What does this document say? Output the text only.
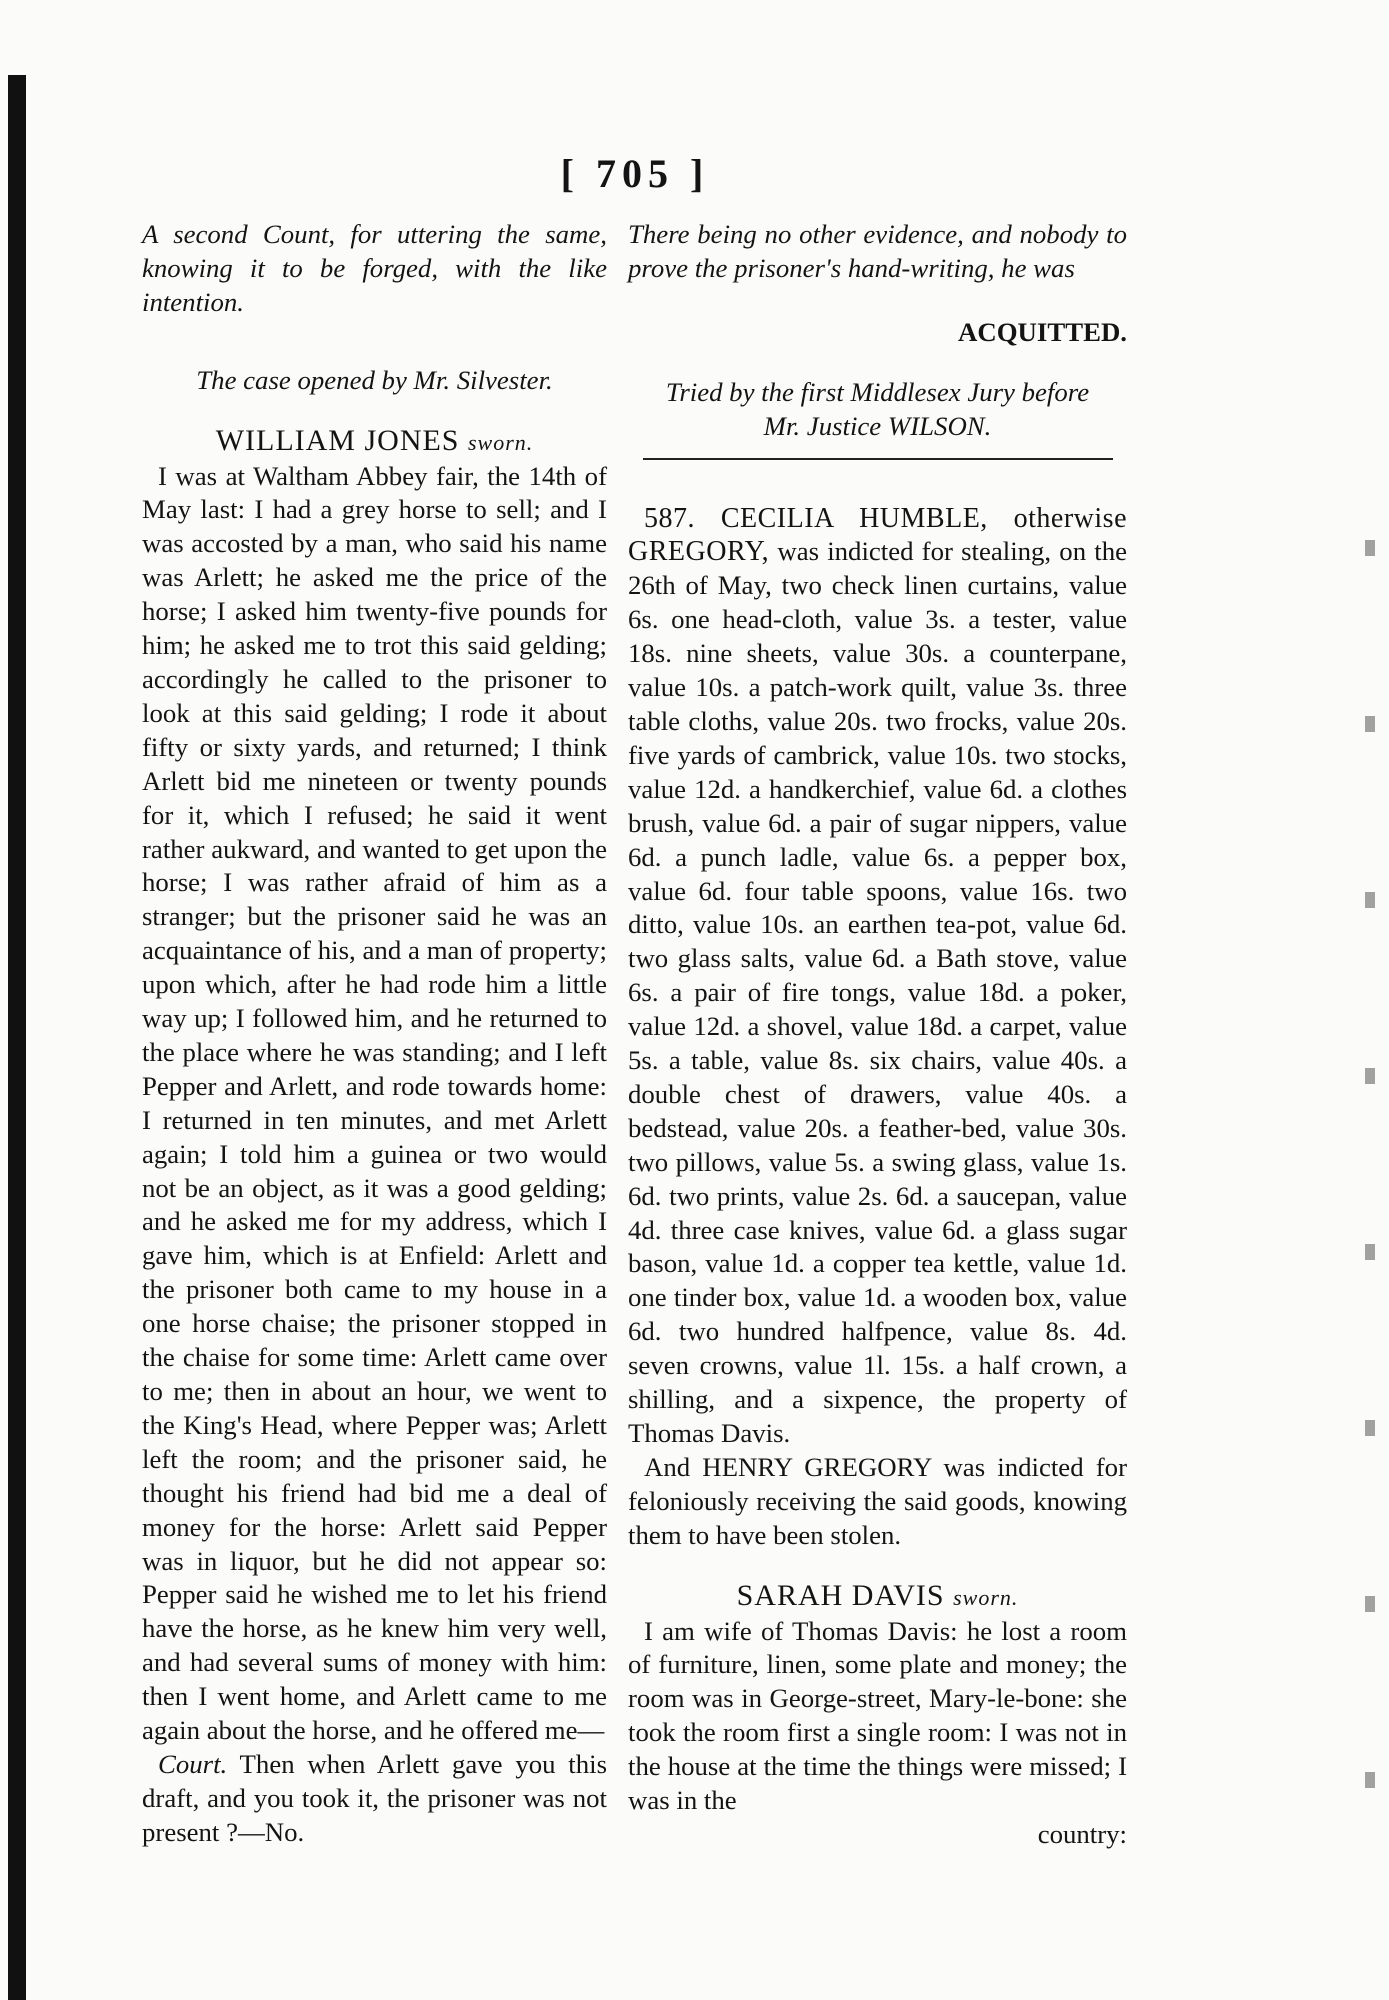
[ 705 ]

A second Count, for uttering the same, knowing it to be forged, with the like intention.

The case opened by Mr. Silvester.

WILLIAM JONES sworn.

I was at Waltham Abbey fair, the 14th of May last: I had a grey horse to sell; and I was accosted by a man, who said his name was Arlett; he asked me the price of the horse; I asked him twenty-five pounds for him; he asked me to trot this said gelding; accordingly he called to the prisoner to look at this said gelding; I rode it about fifty or sixty yards, and returned; I think Arlett bid me nineteen or twenty pounds for it, which I refused; he said it went rather aukward, and wanted to get upon the horse; I was rather afraid of him as a stranger; but the prisoner said he was an acquaintance of his, and a man of property; upon which, after he had rode him a little way up; I followed him, and he returned to the place where he was standing; and I left Pepper and Arlett, and rode towards home: I returned in ten minutes, and met Arlett again; I told him a guinea or two would not be an object, as it was a good gelding; and he asked me for my address, which I gave him, which is at Enfield: Arlett and the prisoner both came to my house in a one horse chaise; the prisoner stopped in the chaise for some time: Arlett came over to me; then in about an hour, we went to the King's Head, where Pepper was; Arlett left the room; and the prisoner said, he thought his friend had bid me a deal of money for the horse: Arlett said Pepper was in liquor, but he did not appear so: Pepper said he wished me to let his friend have the horse, as he knew him very well, and had several sums of money with him: then I went home, and Arlett came to me again about the horse, and he offered me—

Court. Then when Arlett gave you this draft, and you took it, the prisoner was not present ?—No.

There being no other evidence, and nobody to prove the prisoner's hand-writing, he was

ACQUITTED.

Tried by the first Middlesex Jury before

Mr. Justice WILSON.

587. CECILIA HUMBLE, otherwise GREGORY, was indicted for stealing, on the 26th of May, two check linen curtains, value 6s. one head-cloth, value 3s. a tester, value 18s. nine sheets, value 30s. a counterpane, value 10s. a patch-work quilt, value 3s. three table cloths, value 20s. two frocks, value 20s. five yards of cambrick, value 10s. two stocks, value 12d. a handkerchief, value 6d. a clothes brush, value 6d. a pair of sugar nippers, value 6d. a punch ladle, value 6s. a pepper box, value 6d. four table spoons, value 16s. two ditto, value 10s. an earthen tea-pot, value 6d. two glass salts, value 6d. a Bath stove, value 6s. a pair of fire tongs, value 18d. a poker, value 12d. a shovel, value 18d. a carpet, value 5s. a table, value 8s. six chairs, value 40s. a double chest of drawers, value 40s. a bedstead, value 20s. a feather-bed, value 30s. two pillows, value 5s. a swing glass, value 1s. 6d. two prints, value 2s. 6d. a saucepan, value 4d. three case knives, value 6d. a glass sugar bason, value 1d. a copper tea kettle, value 1d. one tinder box, value 1d. a wooden box, value 6d. two hundred halfpence, value 8s. 4d. seven crowns, value 1l. 15s. a half crown, a shilling, and a sixpence, the property of Thomas Davis.

And HENRY GREGORY was indicted for feloniously receiving the said goods, knowing them to have been stolen.

SARAH DAVIS sworn.

I am wife of Thomas Davis: he lost a room of furniture, linen, some plate and money; the room was in George-street, Mary-le-bone: she took the room first a single room: I was not in the house at the time the things were missed; I was in the

country:
